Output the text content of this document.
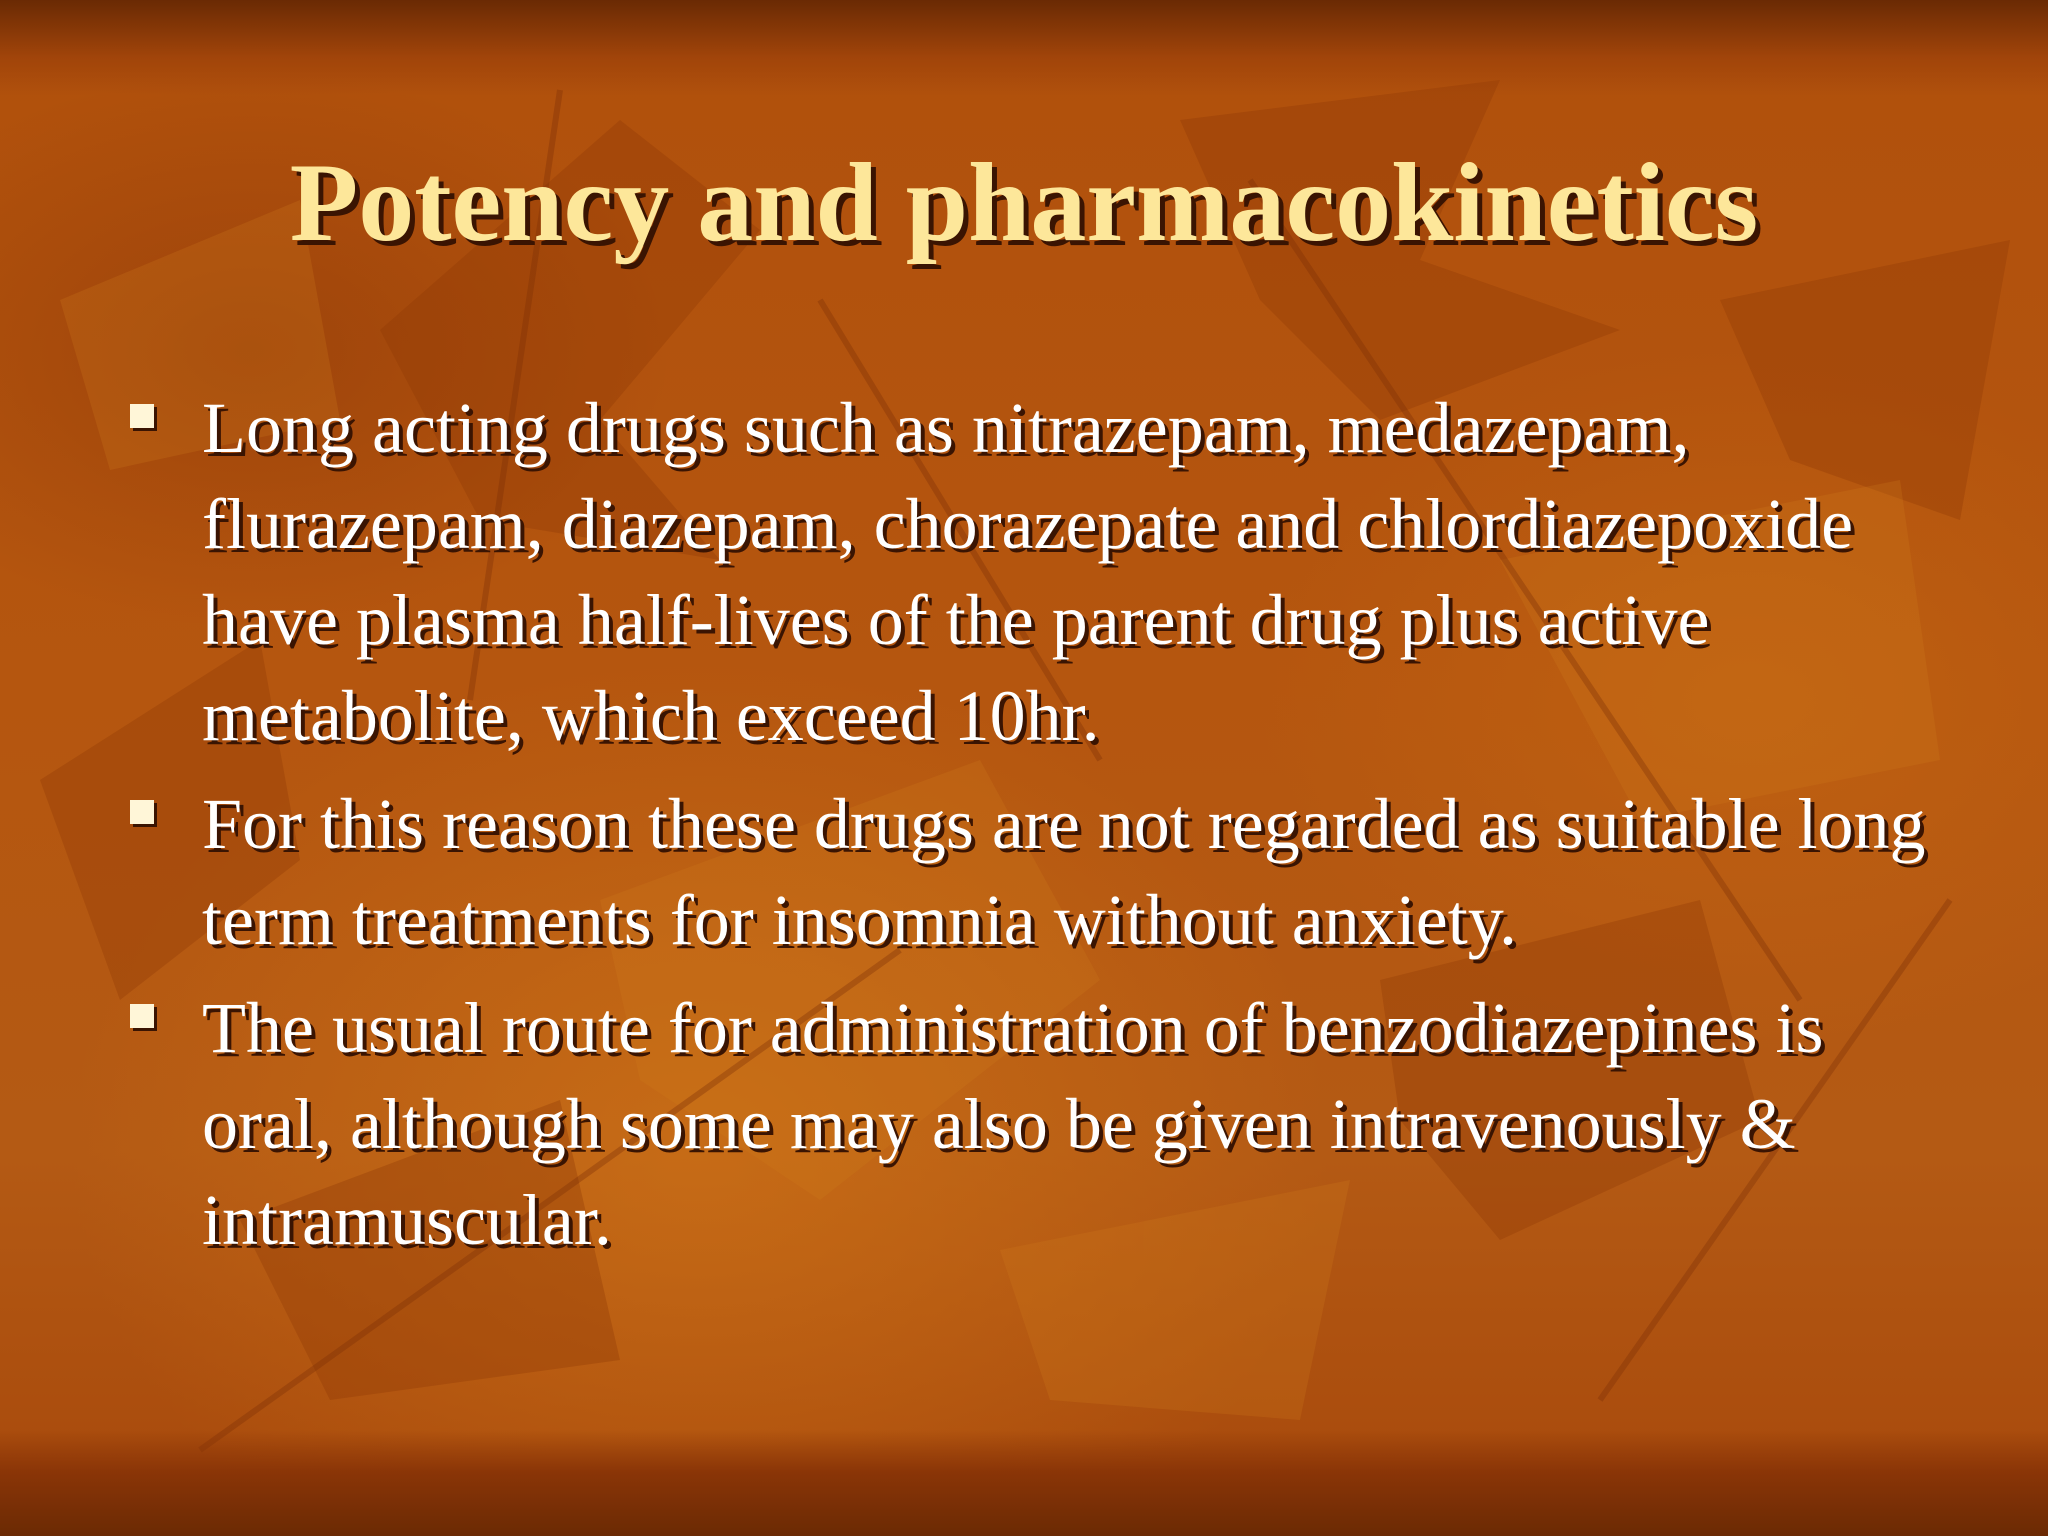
Potency and pharmacokinetics
Long acting drugs such as nitrazepam, medazepam, flurazepam, diazepam, chorazepate and chlordiazepoxide have plasma half-lives of the parent drug plus active metabolite, which exceed 10hr.
For this reason these drugs are not regarded as suitable long term treatments for insomnia without anxiety.
The usual route for administration of benzodiazepines is oral, although some may also be given intravenously & intramuscular.
